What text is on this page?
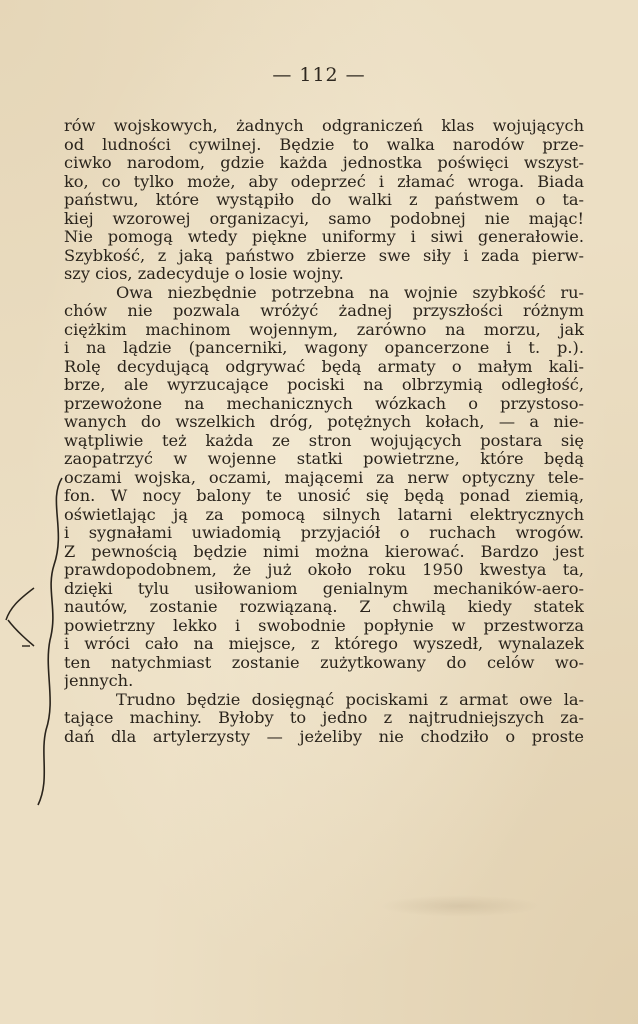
— 112 —
rów wojskowych, żadnych odgraniczeń klas wojujących
od ludności cywilnej. Będzie to walka narodów prze-
ciwko narodom, gdzie każda jednostka poświęci wszyst-
ko, co tylko może, aby odeprzeć i złamać wroga. Biada
państwu, które wystąpiło do walki z państwem o ta-
kiej wzorowej organizacyi, samo podobnej nie mając!
Nie pomogą wtedy piękne uniformy i siwi generałowie.
Szybkość, z jaką państwo zbierze swe siły i zada pierw-
szy cios, zadecyduje o losie wojny.
Owa niezbędnie potrzebna na wojnie szybkość ru-
chów nie pozwala wróżyć żadnej przyszłości różnym
ciężkim machinom wojennym, zarówno na morzu, jak
i na lądzie (pancerniki, wagony opancerzone i t. p.).
Rolę decydującą odgrywać będą armaty o małym kali-
brze, ale wyrzucające pociski na olbrzymią odległość,
przewożone na mechanicznych wózkach o przystoso-
wanych do wszelkich dróg, potężnych kołach, — a nie-
wątpliwie też każda ze stron wojujących postara się
zaopatrzyć w wojenne statki powietrzne, które będą
oczami wojska, oczami, mającemi za nerw optyczny tele-
fon. W nocy balony te unosić się będą ponad ziemią,
oświetlając ją za pomocą silnych latarni elektrycznych
i sygnałami uwiadomią przyjaciół o ruchach wrogów.
Z pewnością będzie nimi można kierować. Bardzo jest
prawdopodobnem, że już około roku 1950 kwestya ta,
dzięki tylu usiłowaniom genialnym mechaników-aero-
nautów, zostanie rozwiązaną. Z chwilą kiedy statek
powietrzny lekko i swobodnie popłynie w przestworza
i wróci cało na miejsce, z którego wyszedł, wynalazek
ten natychmiast zostanie zużytkowany do celów wo-
jennych.
Trudno będzie dosięgnąć pociskami z armat owe la-
tające machiny. Byłoby to jedno z najtrudniejszych za-
dań dla artylerzysty — jeżeliby nie chodziło o proste
